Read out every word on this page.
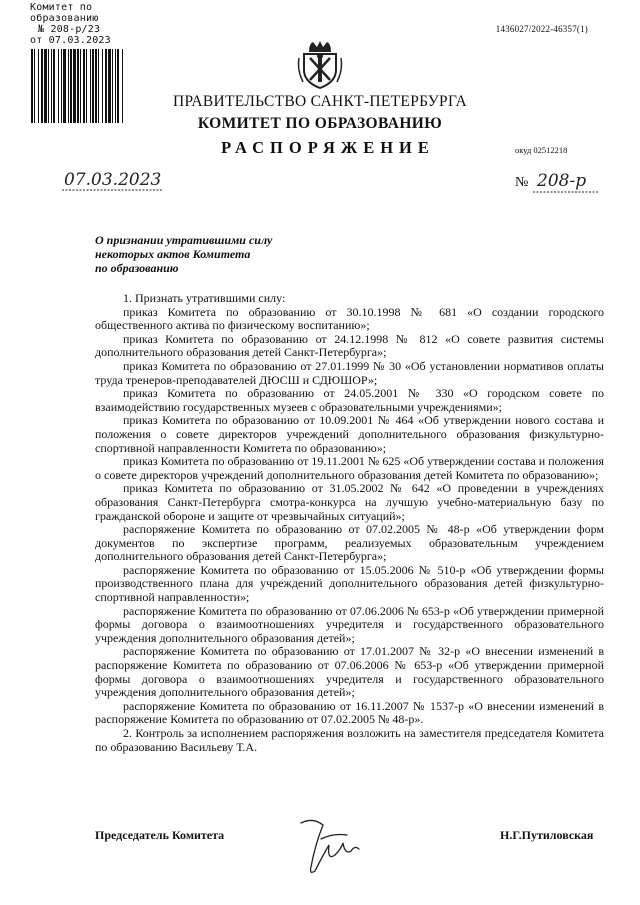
Комитет по образованию
№ 208-р/23
от 07.03.2023
1436027/2022-46357(1)
ПРАВИТЕЛЬСТВО САНКТ-ПЕТЕРБУРГА
КОМИТЕТ ПО ОБРАЗОВАНИЮ
РАСПОРЯЖЕНИЕ	окуд 02512218
07.03.2023	№ 208-р
О признании утратившими силу
некоторых актов Комитета
по образованию

1. Признать утратившими силу:

приказ Комитета по образованию от 30.10.1998 № 681 «О создании городского общественного актива по физическому воспитанию»;

приказ Комитета по образованию от 24.12.1998 № 812 «О совете развития системы дополнительного образования детей Санкт-Петербурга»;

приказ Комитета по образованию от 27.01.1999 № 30 «Об установлении нормативов оплаты труда тренеров-преподавателей ДЮСШ и СДЮШОР»;

приказ Комитета по образованию от 24.05.2001 № 330 «О городском совете по взаимодействию государственных музеев с образовательными учреждениями»;

приказ Комитета по образованию от 10.09.2001 № 464 «Об утверждении нового состава и положения о совете директоров учреждений дополнительного образования физкультурно-спортивной направленности Комитета по образованию»;

приказ Комитета по образованию от 19.11.2001 № 625 «Об утверждении состава и положения о совете директоров учреждений дополнительного образования детей Комитета по образованию»;

приказ Комитета по образованию от 31.05.2002 № 642 «О проведении в учреждениях образования Санкт-Петербурга смотра-конкурса на лучшую учебно-материальную базу по гражданской обороне и защите от чрезвычайных ситуаций»;

распоряжение Комитета по образованию от 07.02.2005 № 48-р «Об утверждении форм документов по экспертизе программ, реализуемых образовательным учреждением дополнительного образования детей Санкт-Петербурга»;

распоряжение Комитета по образованию от 15.05.2006 № 510-р «Об утверждении формы производственного плана для учреждений дополнительного образования детей физкультурно-спортивной направленности»;

распоряжение Комитета по образованию от 07.06.2006 № 653-р «Об утверждении примерной формы договора о взаимоотношениях учредителя и государственного образовательного учреждения дополнительного образования детей»;

распоряжение Комитета по образованию от 17.01.2007 № 32-р «О внесении изменений в распоряжение Комитета по образованию от 07.06.2006 № 653-р «Об утверждении примерной формы договора о взаимоотношениях учредителя и государственного образовательного учреждения дополнительного образования детей»;

распоряжение Комитета по образованию от 16.11.2007 № 1537-р «О внесении изменений в распоряжение Комитета по образованию от 07.02.2005 № 48-р».

2. Контроль за исполнением распоряжения возложить на заместителя председателя Комитета по образованию Васильеву Т.А.

Председатель Комитета	Н.Г.Путиловская
